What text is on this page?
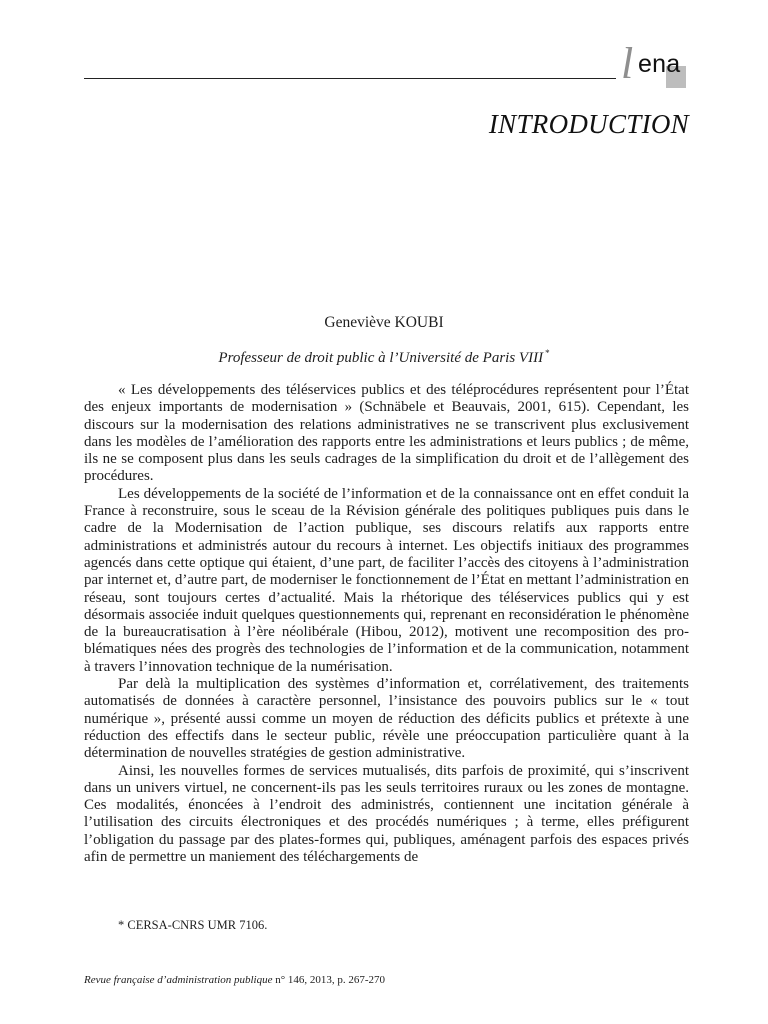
l ena
INTRODUCTION
Geneviève KOUBI
Professeur de droit public à l’Université de Paris VIII *

« Les développements des téléservices publics et des téléprocédures représentent pour l’État des enjeux importants de modernisation » (Schnäbele et Beauvais, 2001, 615). Cependant, les discours sur la modernisation des relations administratives ne se transcrivent plus exclusivement dans les modèles de l’amélioration des rapports entre les administrations et leurs publics ; de même, ils ne se composent plus dans les seuls cadrages de la simplification du droit et de l’allègement des procédures.

Les développements de la société de l’information et de la connaissance ont en effet conduit la France à reconstruire, sous le sceau de la Révision générale des politiques publiques puis dans le cadre de la Modernisation de l’action publique, ses discours relatifs aux rapports entre administrations et administrés autour du recours à internet. Les objectifs initiaux des programmes agencés dans cette optique qui étaient, d’une part, de faciliter l’accès des citoyens à l’administration par internet et, d’autre part, de moderniser le fonctionnement de l’État en mettant l’administration en réseau, sont toujours certes d’actualité. Mais la rhétorique des téléservices publics qui y est désormais associée induit quelques questionnements qui, reprenant en reconsidération le phénomène de la bureaucratisation à l’ère néolibérale (Hibou, 2012), motivent une recomposition des problématiques nées des progrès des technologies de l’information et de la communication, notamment à travers l’innovation technique de la numérisation.

Par delà la multiplication des systèmes d’information et, corrélativement, des traitements automatisés de données à caractère personnel, l’insistance des pouvoirs publics sur le « tout numérique », présenté aussi comme un moyen de réduction des déficits publics et prétexte à une réduction des effectifs dans le secteur public, révèle une préoccupation particulière quant à la détermination de nouvelles stratégies de gestion administrative.

Ainsi, les nouvelles formes de services mutualisés, dits parfois de proximité, qui s’inscrivent dans un univers virtuel, ne concernent-ils pas les seuls territoires ruraux ou les zones de montagne. Ces modalités, énoncées à l’endroit des administrés, contiennent une incitation générale à l’utilisation des circuits électroniques et des procédés numériques ; à terme, elles préfigurent l’obligation du passage par des plates-formes qui, publiques, aménagent parfois des espaces privés afin de permettre un maniement des téléchargements de

* CERSA-CNRS UMR 7106.
Revue française d’administration publique n° 146, 2013, p. 267-270
